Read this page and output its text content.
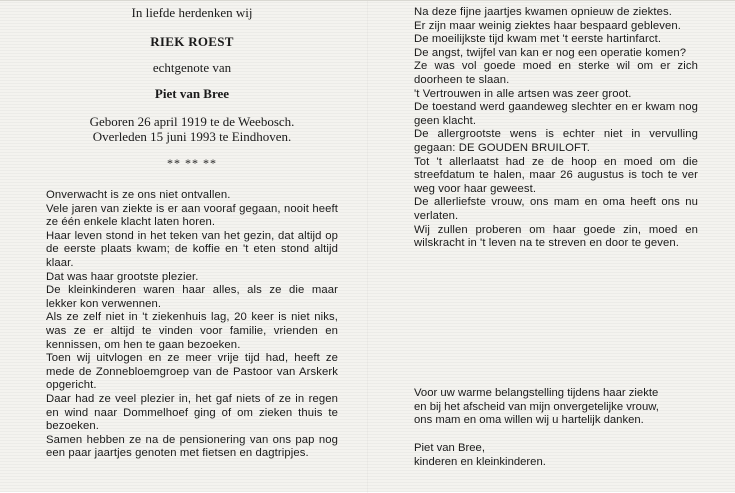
In liefde herdenken wij
RIEK ROEST
echtgenote van
Piet van Bree
Geboren 26 april 1919 te de Weebosch.
Overleden 15 juni 1993 te Eindhoven.
** ** **

Onverwacht is ze ons niet ontvallen.

Vele jaren van ziekte is er aan vooraf gegaan, nooit heeft ze één enkele klacht laten horen.

Haar leven stond in het teken van het gezin, dat altijd op de eerste plaats kwam; de koffie en 't eten stond altijd klaar.

Dat was haar grootste plezier.

De kleinkinderen waren haar alles, als ze die maar lekker kon verwennen.

Als ze zelf niet in 't ziekenhuis lag, 20 keer is niet niks, was ze er altijd te vinden voor familie, vrienden en kennissen, om hen te gaan bezoeken.

Toen wij uitvlogen en ze meer vrije tijd had, heeft ze mede de Zonnebloemgroep van de Pastoor van Arskerk opgericht.

Daar had ze veel plezier in, het gaf niets of ze in regen en wind naar Dommelhoef ging of om zieken thuis te bezoeken.

Samen hebben ze na de pensionering van ons pap nog een paar jaartjes genoten met fietsen en dagtripjes.

Na deze fijne jaartjes kwamen opnieuw de ziektes.

Er zijn maar weinig ziektes haar bespaard gebleven.

De moeilijkste tijd kwam met 't eerste hartinfarct.

De angst, twijfel van kan er nog een operatie komen?

Ze was vol goede moed en sterke wil om er zich doorheen te slaan.

't Vertrouwen in alle artsen was zeer groot.

De toestand werd gaandeweg slechter en er kwam nog geen klacht.

De allergrootste wens is echter niet in vervulling gegaan: DE GOUDEN BRUILOFT.

Tot 't allerlaatst had ze de hoop en moed om die streefdatum te halen, maar 26 augustus is toch te ver weg voor haar geweest.

De allerliefste vrouw, ons mam en oma heeft ons nu verlaten.

Wij zullen proberen om haar goede zin, moed en wilskracht in 't leven na te streven en door te geven.

Voor uw warme belangstelling tijdens haar ziekte
en bij het afscheid van mijn onvergetelijke vrouw,
ons mam en oma willen wij u hartelijk danken.
Piet van Bree,
kinderen en kleinkinderen.
